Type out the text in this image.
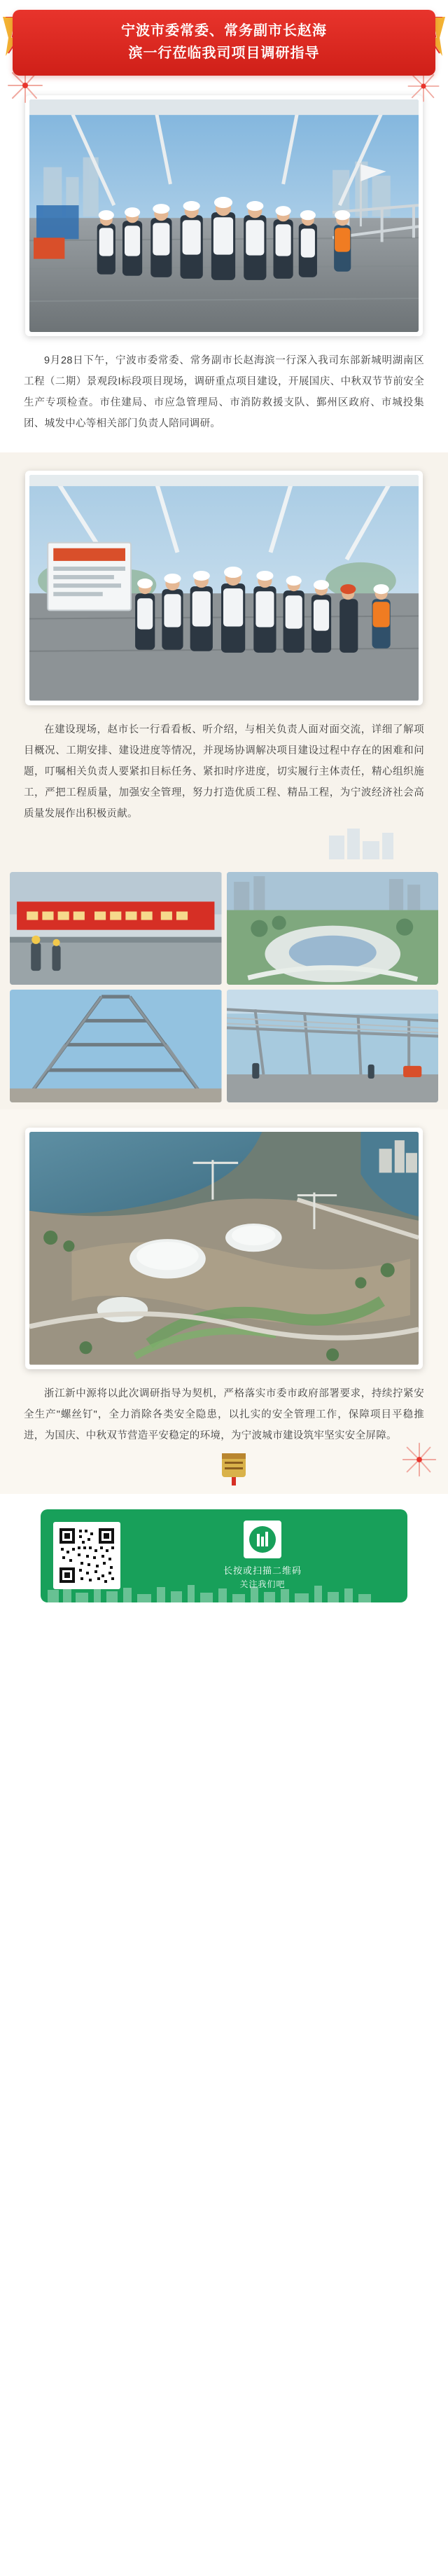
宁波市委常委、常务副市长赵海
滨一行莅临我司项目调研指导

9月28日下午，宁波市委常委、常务副市长赵海滨一行深入我司东部新城明湖南区工程（二期）景观段I标段项目现场，调研重点项目建设，开展国庆、中秋双节节前安全生产专项检查。市住建局、市应急管理局、市消防救援支队、鄞州区政府、市城投集团、城发中心等相关部门负责人陪同调研。

在建设现场，赵市长一行看看板、听介绍，与相关负责人面对面交流，详细了解项目概况、工期安排、建设进度等情况，并现场协调解决项目建设过程中存在的困难和问题，叮嘱相关负责人要紧扣目标任务、紧扣时序进度，切实履行主体责任，精心组织施工，严把工程质量，加强安全管理，努力打造优质工程、精品工程，为宁波经济社会高质量发展作出积极贡献。

浙江新中源将以此次调研指导为契机，严格落实市委市政府部署要求，持续拧紧安全生产"螺丝钉"，全力消除各类安全隐患，以扎实的安全管理工作，保障项目平稳推进，为国庆、中秋双节营造平安稳定的环境，为宁波城市建设筑牢坚实安全屏障。

长按或扫描二维码
关注我们吧
